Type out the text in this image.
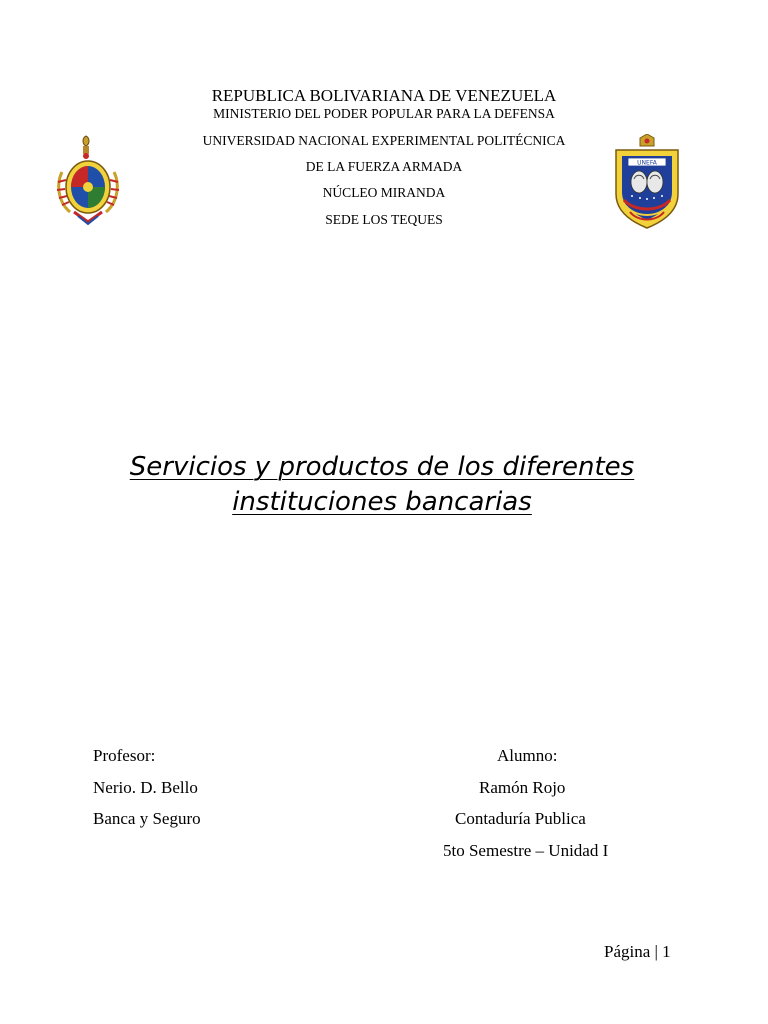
REPUBLICA BOLIVARIANA DE VENEZUELA
MINISTERIO DEL PODER POPULAR PARA LA DEFENSA
UNIVERSIDAD NACIONAL EXPERIMENTAL POLITÉCNICA
DE LA FUERZA ARMADA
NÚCLEO MIRANDA
SEDE LOS TEQUES
UNEFA
Servicios y productos de los diferentes
instituciones bancarias
Profesor:
Nerio. D. Bello
Banca y Seguro
Alumno:
Ramón Rojo
Contaduría Publica
5to Semestre – Unidad I
Página | 1
